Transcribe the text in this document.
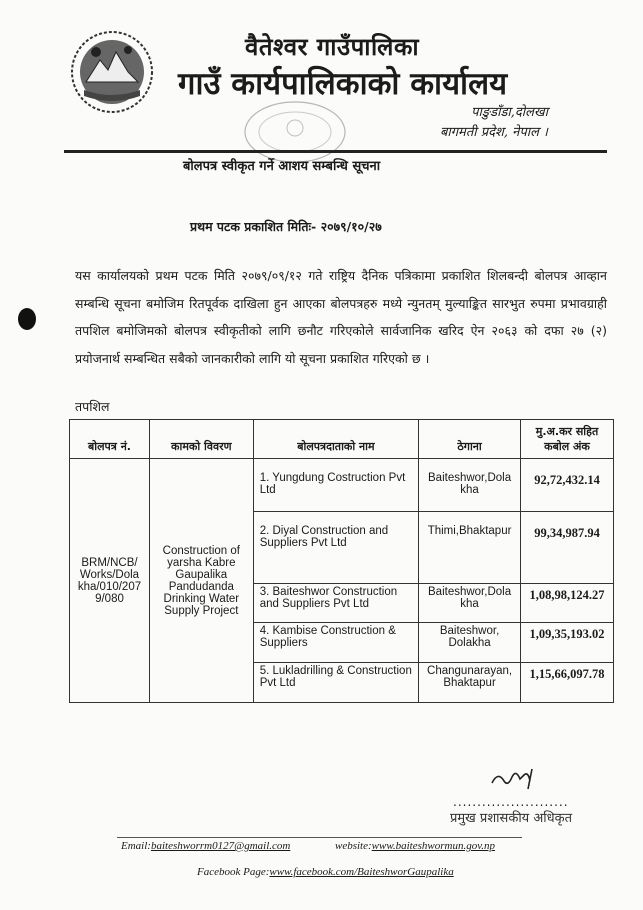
वैतेश्वर गाउँपालिका
गाउँ कार्यपालिकाको कार्यालय
पाङुडाँडा,दोलखा
बागमती प्रदेश, नेपाल ।
बोलपत्र स्वीकृत गर्ने आशय सम्बन्धि सूचना
प्रथम पटक प्रकाशित मितिः- २०७९/१०/२७
यस कार्यालयको प्रथम पटक मिति २०७९/०९/१२ गते राष्ट्रिय दैनिक पत्रिकामा प्रकाशित शिलबन्दी बोलपत्र आव्हान सम्बन्धि सूचना बमोजिम रितपूर्वक दाखिला हुन आएका बोलपत्रहरु मध्ये न्युनतम् मुल्याङ्कित सारभुत रुपमा प्रभावग्राही तपशिल बमोजिमको बोलपत्र स्वीकृतीको लागि छनौट गरिएकोले सार्वजानिक खरिद ऐन २०६३ को दफा २७ (२) प्रयोजनार्थ सम्बन्धित सबैको जानकारीको लागि यो सूचना प्रकाशित गरिएको छ ।
तपशिल
बोलपत्र नं.	कामको विवरण	बोलपत्रदाताको नाम	ठेगाना	मु.अ.कर सहित कबोल अंक
BRM/NCB/ Works/Dola kha/010/207 9/080	Construction of yarsha Kabre Gaupalika Pandudanda Drinking Water Supply Project	1. Yungdung Costruction Pvt Ltd	Baiteshwor,Dola kha	92,72,432.14
		2. Diyal Construction and Suppliers Pvt Ltd	Thimi,Bhaktapur	99,34,987.94
		3. Baiteshwor Construction and Suppliers Pvt Ltd	Baiteshwor,Dola kha	1,08,98,124.27
		4. Kambise Construction & Suppliers	Baiteshwor, Dolakha	1,09,35,193.02
		5. Lukladrilling & Construction Pvt Ltd	Changunarayan, Bhaktapur	1,15,66,097.78
........................
प्रमुख प्रशासकीय अधिकृत
Email:baiteshworrm0127@gmail.com	website:www.baiteshwormun.gov.np
Facebook Page:www.facebook.com/BaiteshworGaupalika
